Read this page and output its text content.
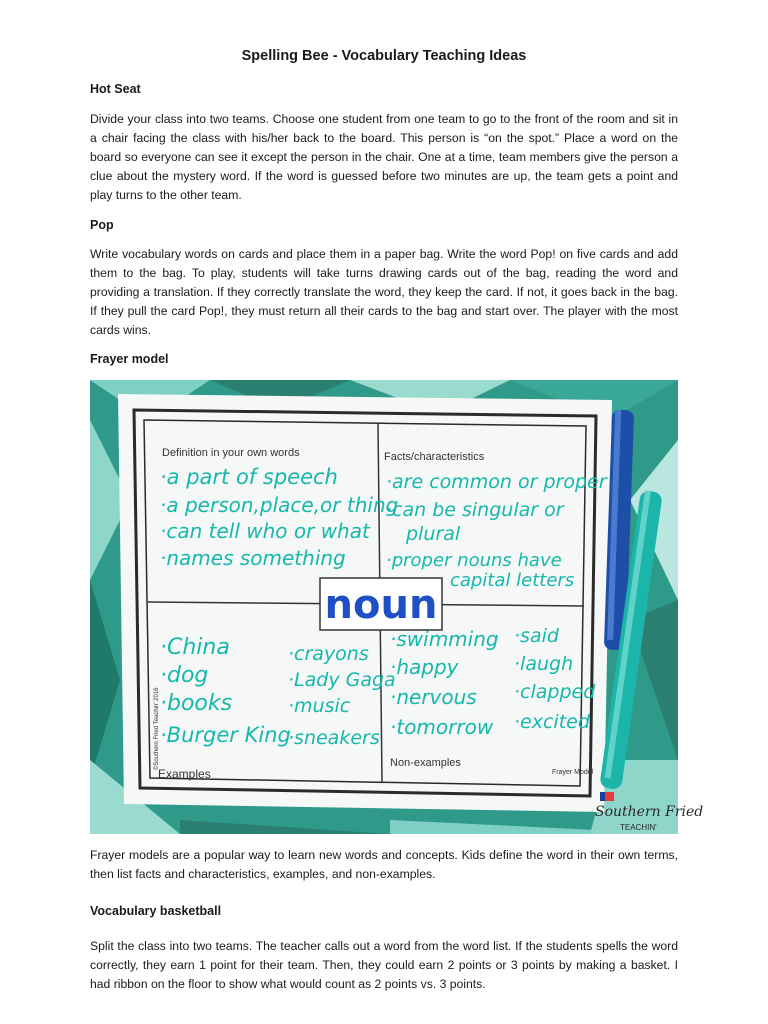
Spelling Bee - Vocabulary Teaching Ideas
Hot Seat

Divide your class into two teams. Choose one student from one team to go to the front of the room and sit in a chair facing the class with his/her back to the board. This person is “on the spot.” Place a word on the board so everyone can see it except the person in the chair. One at a time, team members give the person a clue about the mystery word. If the word is guessed before two minutes are up, the team gets a point and play turns to the other team.

Pop

Write vocabulary words on cards and place them in a paper bag. Write the word Pop! on five cards and add them to the bag. To play, students will take turns drawing cards out of the bag, reading the word and providing a translation. If they correctly translate the word, they keep the card. If not, it goes back in the bag. If they pull the card Pop!, they must return all their cards to the bag and start over. The player with the most cards wins.

Frayer model
noun
Definition in your own words
·a part of speech
·a person,place,or thing
·can tell who or what
·names something
Facts/characteristics
·are common or proper
·can be singular or
plural
·proper nouns have
capital letters
·China
·dog
·books
·Burger King
·crayons
·Lady Gaga
·music
·sneakers
Examples
·swimming
·happy
·nervous
·tomorrow
·said
·laugh
·clapped
·excited
Non-examples
Frayer Model
©Southern Fried Teachin' 2016
Southern Fried
TEACHIN'

Frayer models are a popular way to learn new words and concepts. Kids define the word in their own terms, then list facts and characteristics, examples, and non-examples.

Vocabulary basketball

Split the class into two teams. The teacher calls out a word from the word list. If the students spells the word correctly, they earn 1 point for their team. Then, they could earn 2 points or 3 points by making a basket. I had ribbon on the floor to show what would count as 2 points vs. 3 points.
